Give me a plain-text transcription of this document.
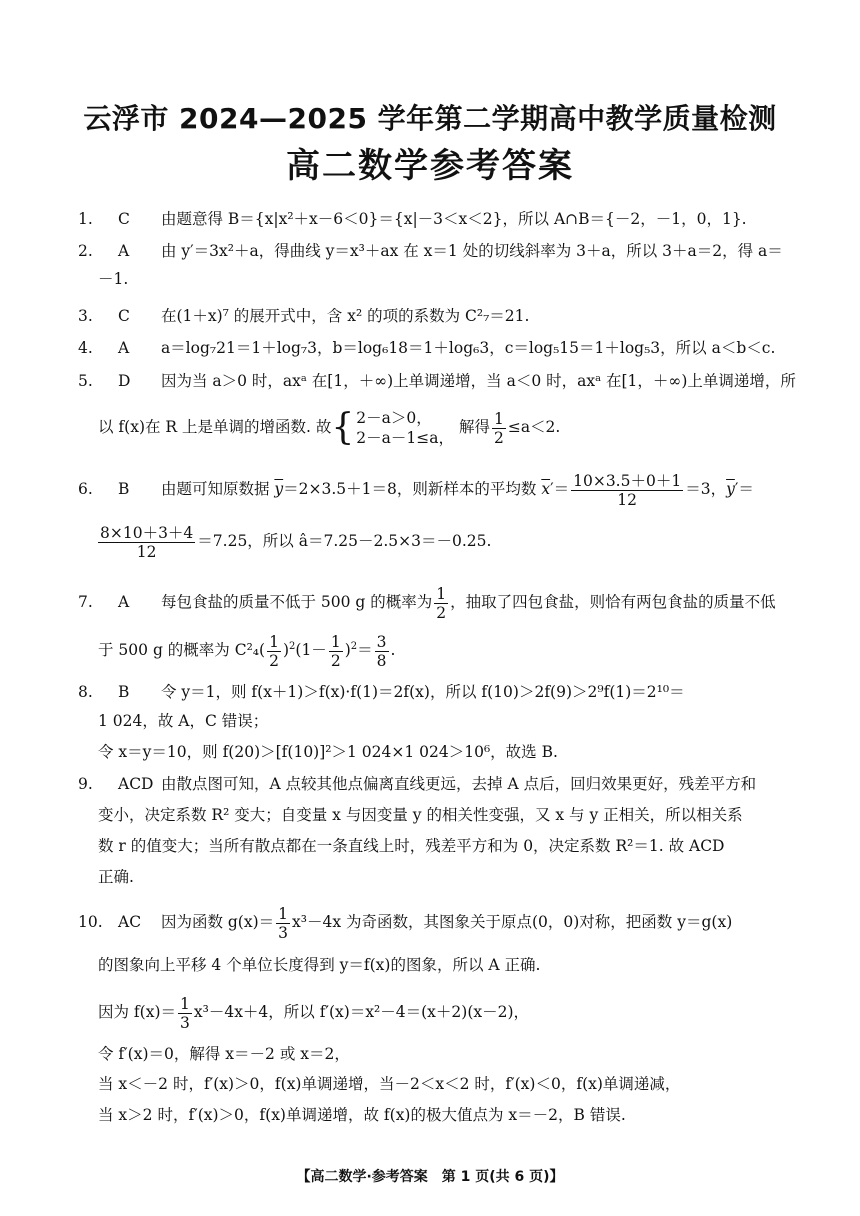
云浮市 2024—2025 学年第二学期高中教学质量检测
高二数学参考答案
1. C 由题意得 B＝{x|x²＋x－6＜0}＝{x|－3＜x＜2}，所以 A∩B＝{－2，－1，0，1}.
2. A 由 y′＝3x²＋a，得曲线 y＝x³＋ax 在 x＝1 处的切线斜率为 3＋a，所以 3＋a＝2，得 a＝
－1.
3. C 在(1＋x)⁷ 的展开式中，含 x² 的项的系数为 C²₇＝21.
4. A a＝log₇21＝1＋log₇3，b＝log₆18＝1＋log₆3，c＝log₅15＝1＋log₅3，所以 a＜b＜c.
5. D 因为当 a＞0 时，axᵃ 在[1，＋∞)上单调递增，当 a＜0 时，axᵃ 在[1，＋∞)上单调递增，所
以 f(x)在 R 上是单调的增函数. 故{ 2－a＞0，
2－a－1≤a，
解得 $\frac{1}{2} \le a<2$.
6. B 由题可知原数据 $\overline{y}=2\times 3.5+1=8$，则新样本的平均数 $\overline{x}'= \frac{10\times 3.5+0+1}{12} =3$，$\overline{y}'=$
$\frac{8\times 10+3+4}{12} =7.25$，所以 â＝7.25－2.5×3＝－0.25.
7. A 每包食盐的质量不低于 500 g 的概率为 $\frac{1}{2}$ ，抽取了四包食盐，则恰有两包食盐的质量不低
于 500 g 的概率为 $C^2_4( \frac{1}{2} )^2(1- \frac{1}{2} )^2= \frac{3}{8}$ .
8. B 令 y＝1，则 f(x＋1)＞f(x)·f(1)＝2f(x)，所以 f(10)＞2f(9)＞2⁹f(1)＝2¹⁰＝
1 024，故 A，C 错误；
令 x＝y＝10，则 f(20)＞[f(10)]²＞1 024×1 024＞10⁶，故选 B.
9. ACD 由散点图可知，A 点较其他点偏离直线更远，去掉 A 点后，回归效果更好，残差平方和
变小，决定系数 R² 变大；自变量 x 与因变量 y 的相关性变强，又 x 与 y 正相关，所以相关系
数 r 的值变大；当所有散点都在一条直线上时，残差平方和为 0，决定系数 R²＝1. 故 ACD
正确.
10. AC 因为函数 $g(x)= \frac{1}{3} x^3-4x$ 为奇函数，其图象关于原点(0，0)对称，把函数 y＝g(x)
的图象向上平移 4 个单位长度得到 y＝f(x)的图象，所以 A 正确.
因为 $f(x)= \frac{1}{3} x^3-4x+4$，所以 f′(x)＝x²－4＝(x＋2)(x－2)，
令 f′(x)＝0，解得 x＝－2 或 x＝2，
当 x＜－2 时，f′(x)＞0，f(x)单调递增，当－2＜x＜2 时，f′(x)＜0，f(x)单调递减，
当 x＞2 时，f′(x)＞0，f(x)单调递增，故 f(x)的极大值点为 x＝－2，B 错误.
【高二数学·参考答案　第 1 页(共 6 页)】
